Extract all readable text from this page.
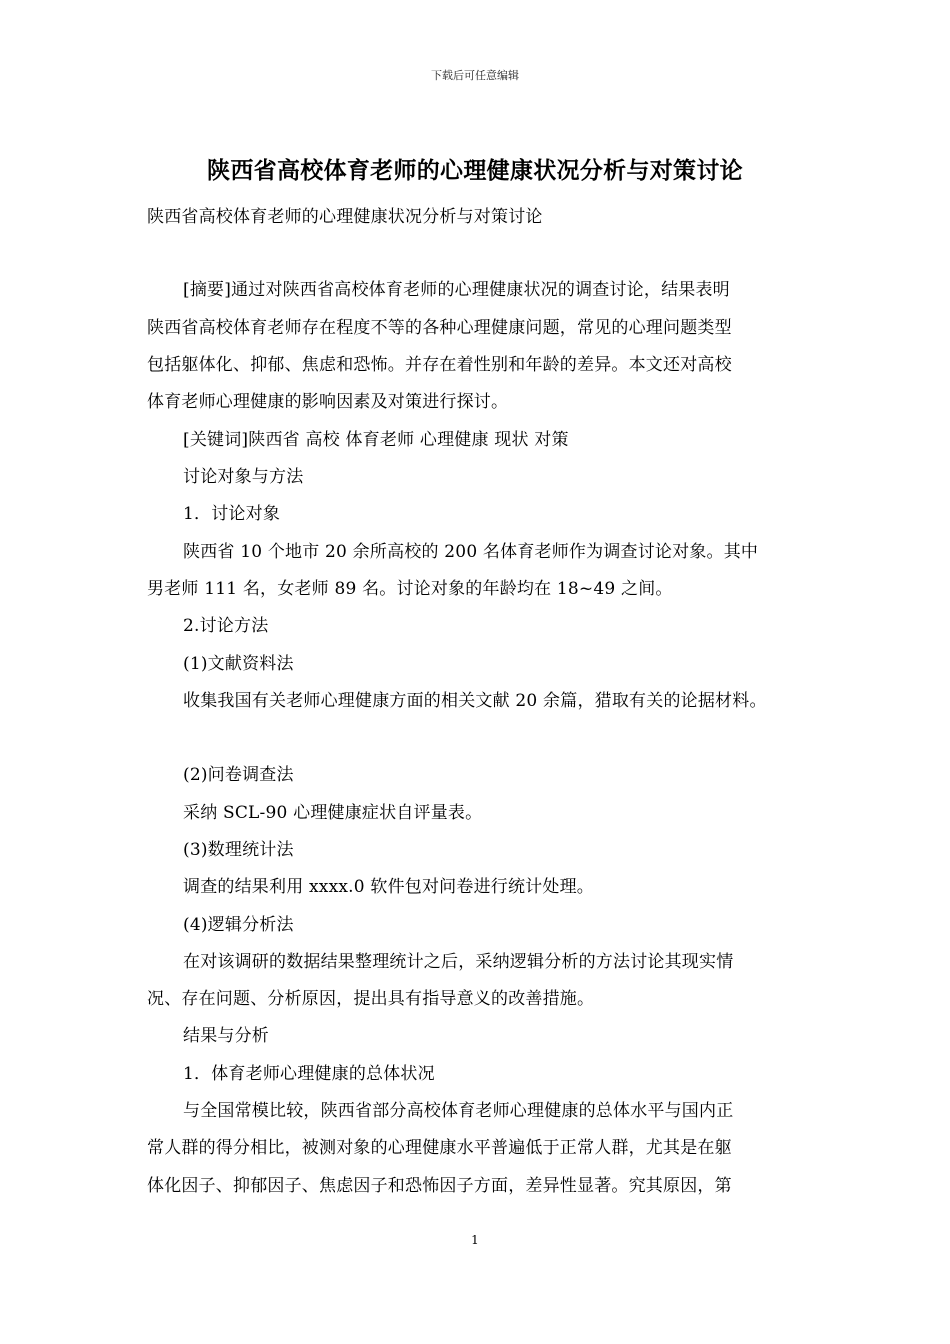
下载后可任意编辑
陕西省高校体育老师的心理健康状况分析与对策讨论
陕西省高校体育老师的心理健康状况分析与对策讨论
[摘要]通过对陕西省高校体育老师的心理健康状况的调查讨论，结果表明
陕西省高校体育老师存在程度不等的各种心理健康问题，常见的心理问题类型
包括躯体化、抑郁、焦虑和恐怖。并存在着性别和年龄的差异。本文还对高校
体育老师心理健康的影响因素及对策进行探讨。
[关键词]陕西省 高校 体育老师 心理健康 现状 对策
讨论对象与方法
1．讨论对象
陕西省 10 个地市 20 余所高校的 200 名体育老师作为调查讨论对象。其中
男老师 111 名，女老师 89 名。讨论对象的年龄均在 18~49 之间。
2.讨论方法
(1)文献资料法
收集我国有关老师心理健康方面的相关文献 20 余篇，猎取有关的论据材料。
(2)问卷调查法
采纳 SCL-90 心理健康症状自评量表。
(3)数理统计法
调查的结果利用 xxxx.0 软件包对问卷进行统计处理。
(4)逻辑分析法
在对该调研的数据结果整理统计之后，采纳逻辑分析的方法讨论其现实情
况、存在问题、分析原因，提出具有指导意义的改善措施。
结果与分析
1．体育老师心理健康的总体状况
与全国常模比较，陕西省部分高校体育老师心理健康的总体水平与国内正
常人群的得分相比，被测对象的心理健康水平普遍低于正常人群，尤其是在躯
体化因子、抑郁因子、焦虑因子和恐怖因子方面，差异性显著。究其原因，第
1
